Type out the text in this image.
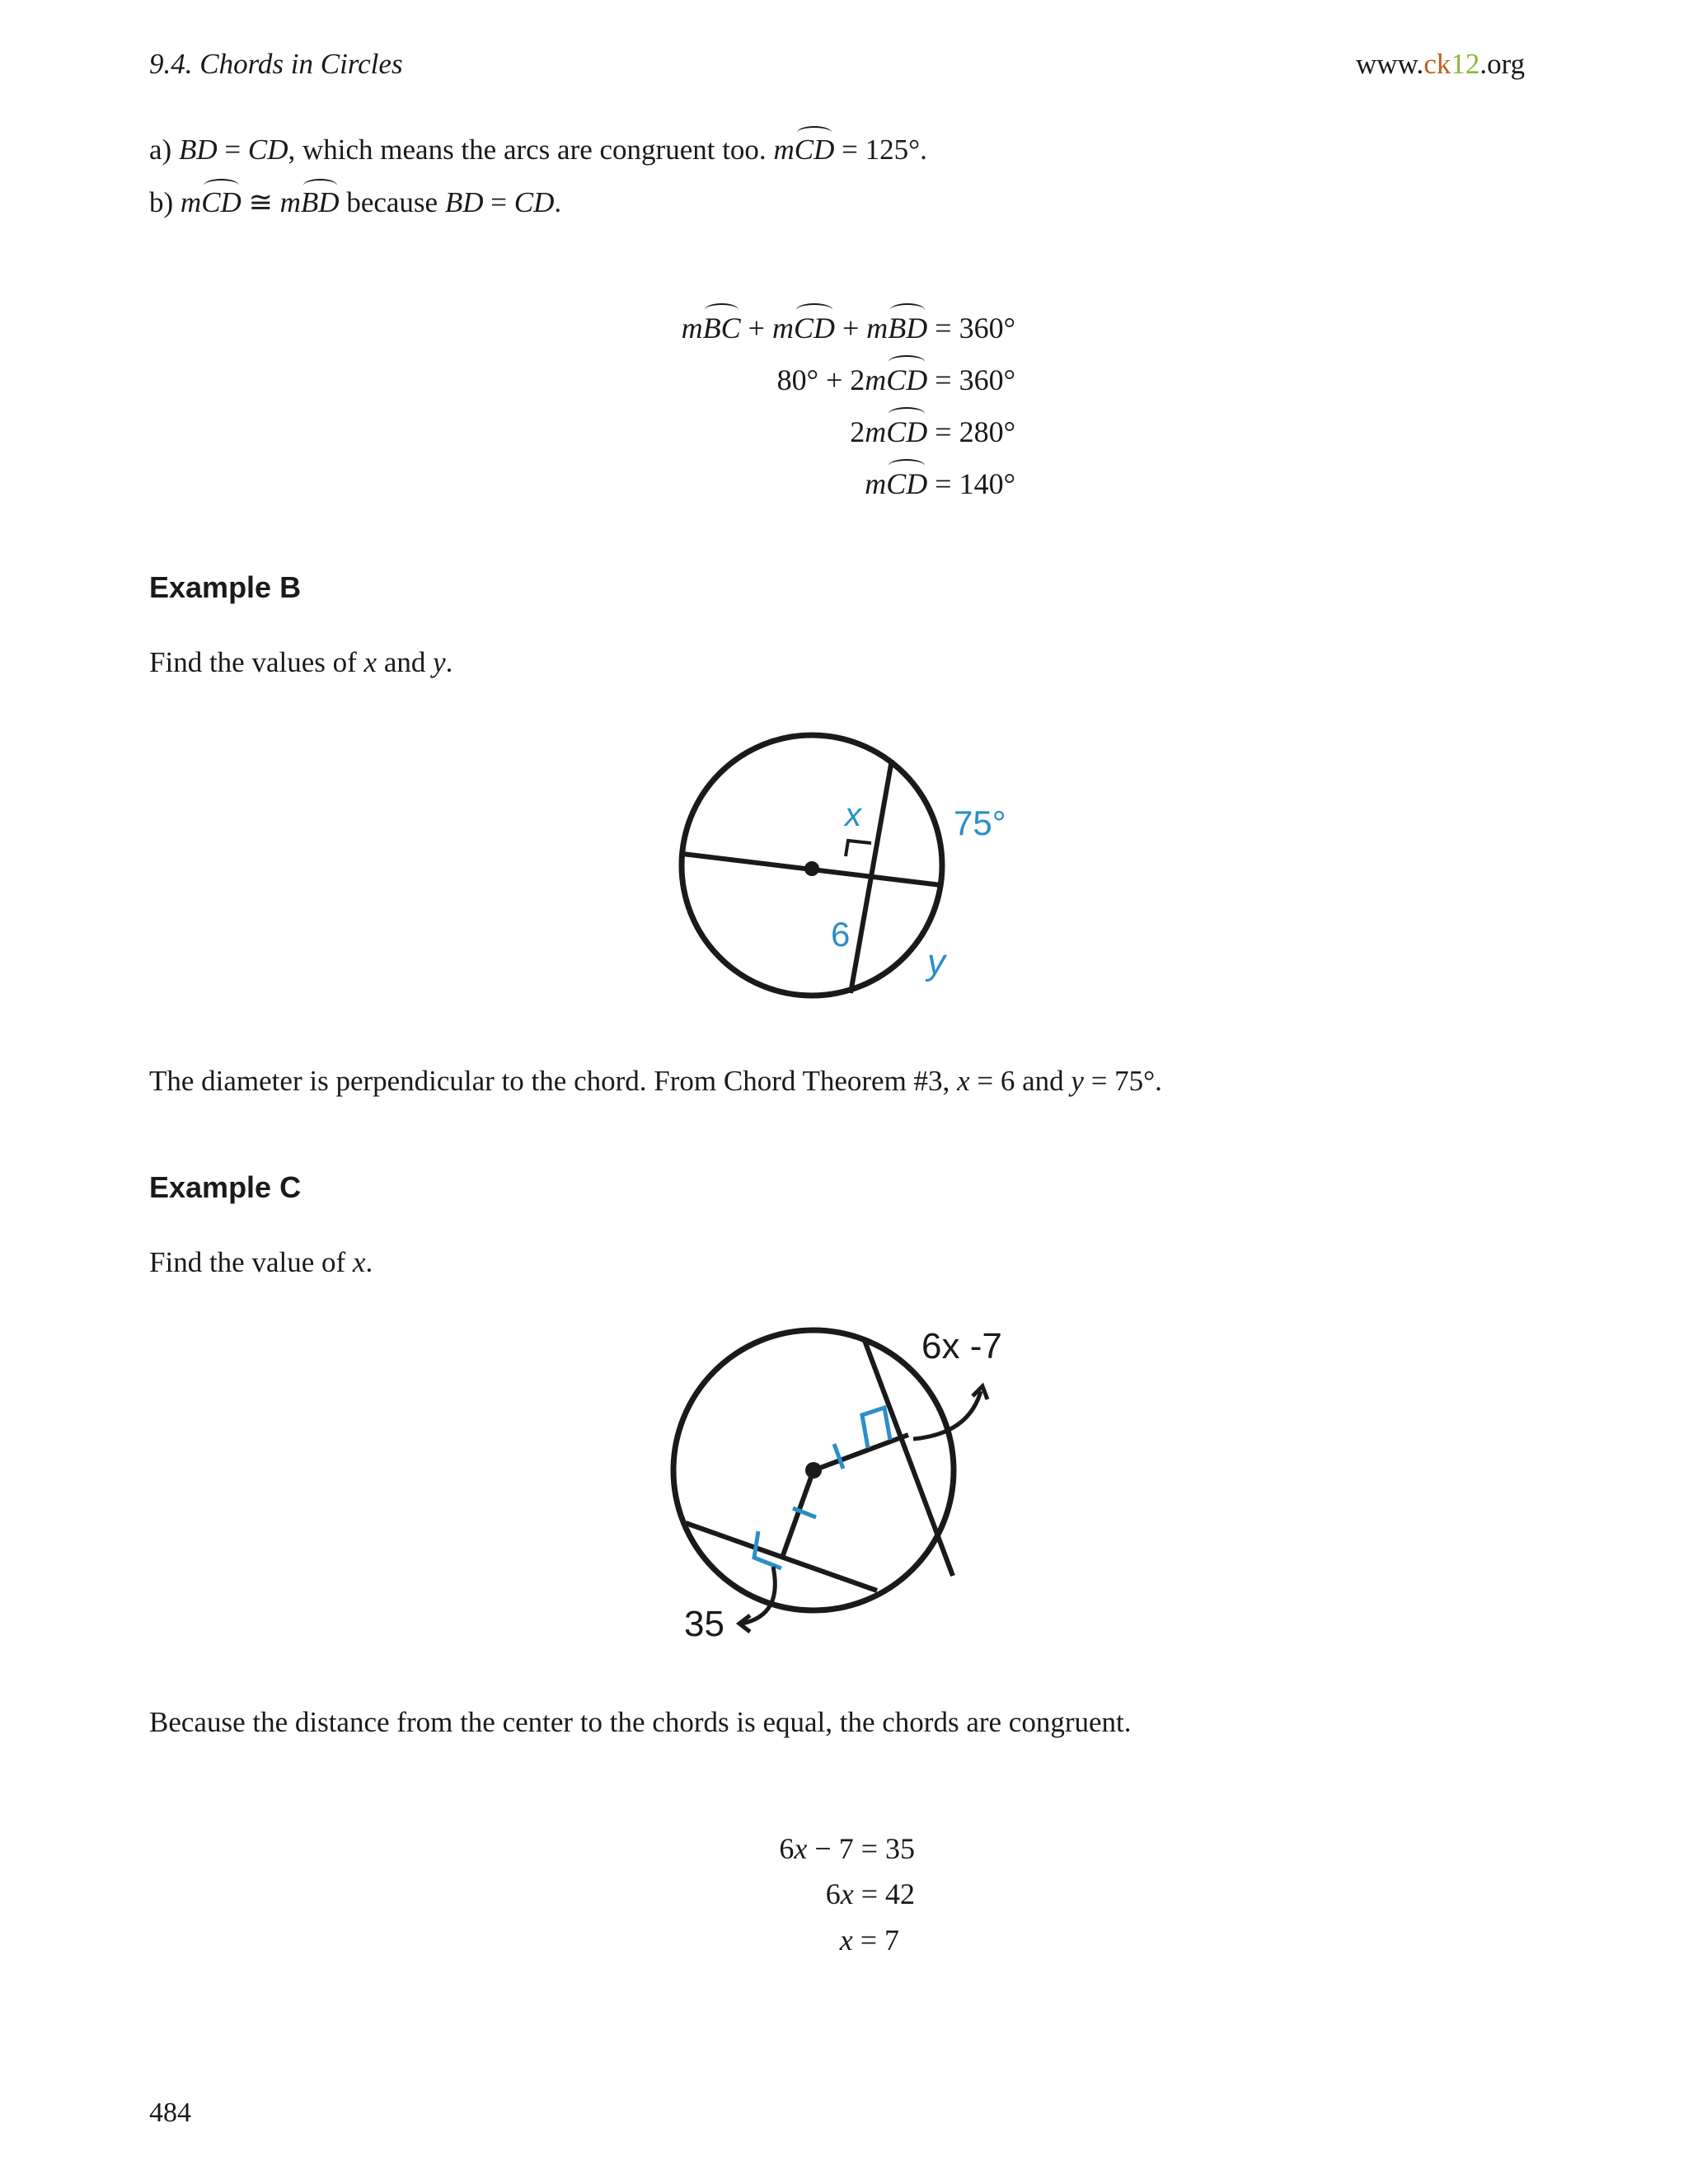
9.4. Chords in Circles	www.ck12.org
a) BD = CD, which means the arcs are congruent too. mCD = 125°.
b) mCD ≅ mBD because BD = CD.
mBC + mCD + mBD = 360°
80° + 2mCD = 360°
2mCD = 280°
mCD = 140°
Example B
Find the values of x and y.
x	75°
6
y
The diameter is perpendicular to the chord. From Chord Theorem #3, x = 6 and y = 75°.
Example C
Find the value of x.
6x -7
35
Because the distance from the center to the chords is equal, the chords are congruent.
6x − 7 = 35
6x = 42
x = 7
484
